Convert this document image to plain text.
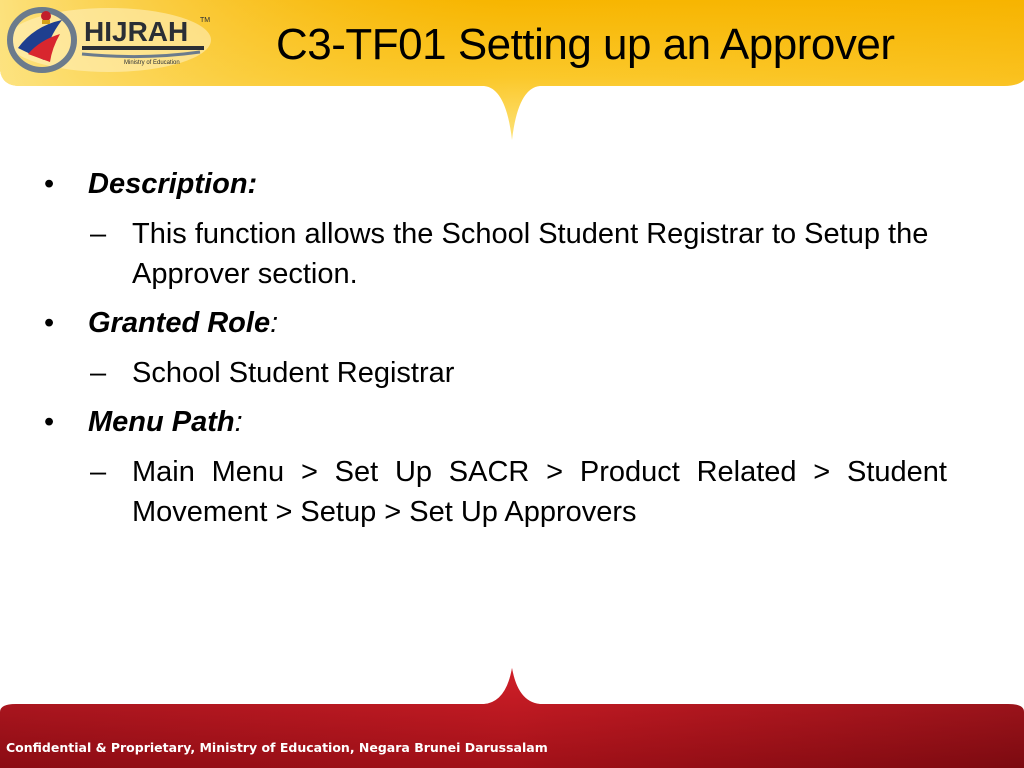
HIJRAH TM
Ministry of Education C3-TF01 Setting up an Approver
• Description:
– This function allows the School Student Registrar to Setup the Approver section.
• Granted Role:
– School Student Registrar
• Menu Path:
– Main Menu > Set Up SACR > Product Related > Student Movement > Setup > Set Up Approvers
Confidential & Proprietary, Ministry of Education, Negara Brunei Darussalam
